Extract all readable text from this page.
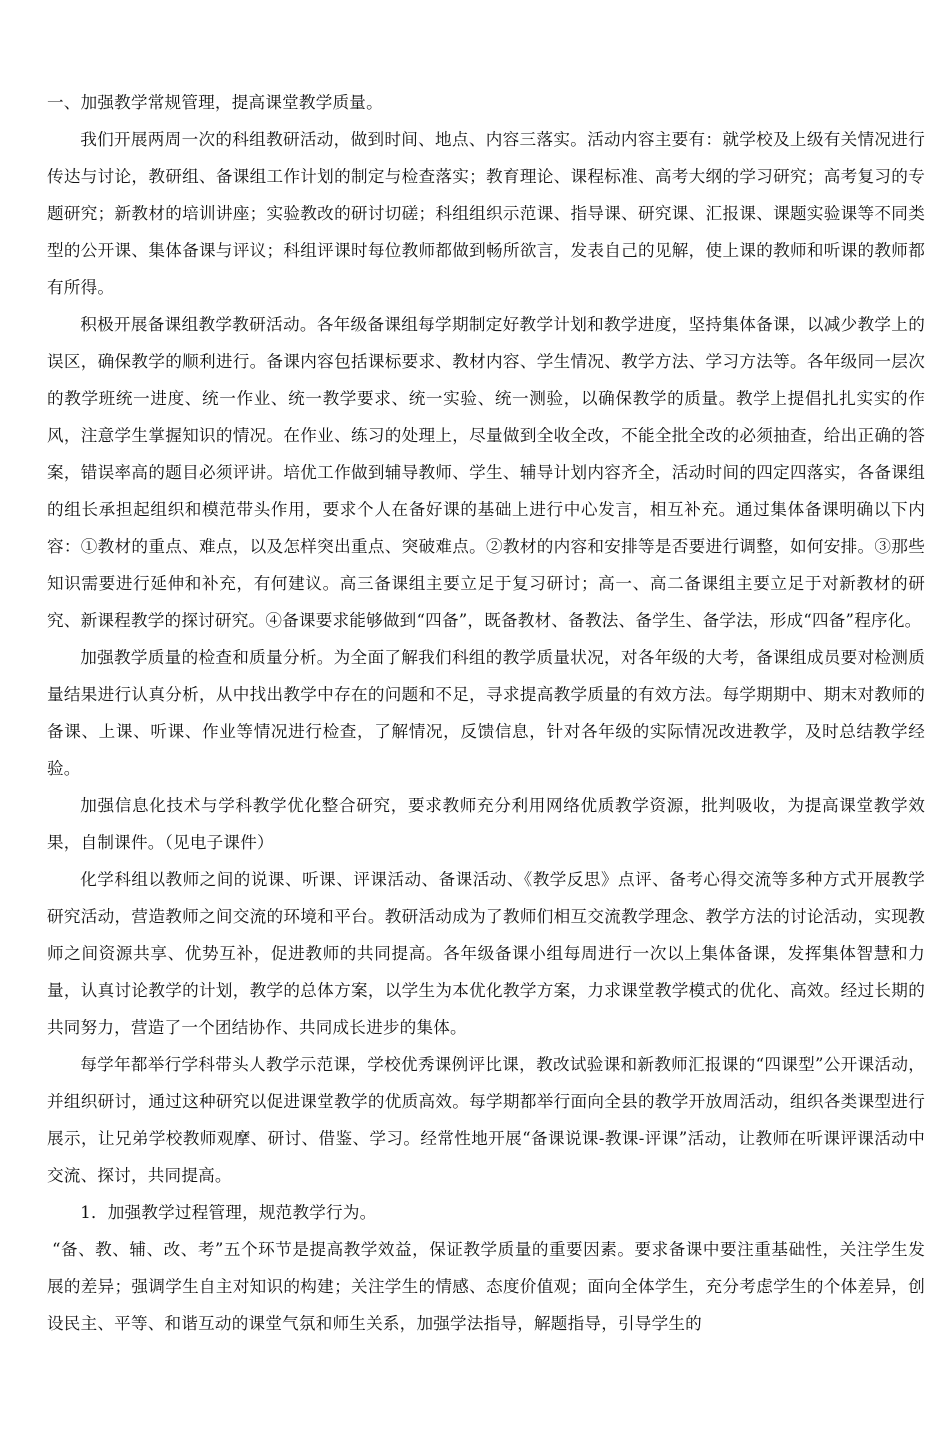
一、加强教学常规管理，提高课堂教学质量。

我们开展两周一次的科组教研活动，做到时间、地点、内容三落实。活动内容主要有：就学校及上级有关情况进行传达与讨论，教研组、备课组工作计划的制定与检查落实；教育理论、课程标准、高考大纲的学习研究；高考复习的专题研究；新教材的培训讲座；实验教改的研讨切磋；科组组织示范课、指导课、研究课、汇报课、课题实验课等不同类型的公开课、集体备课与评议；科组评课时每位教师都做到畅所欲言，发表自己的见解，使上课的教师和听课的教师都有所得。

积极开展备课组教学教研活动。各年级备课组每学期制定好教学计划和教学进度，坚持集体备课，以减少教学上的误区，确保教学的顺利进行。备课内容包括课标要求、教材内容、学生情况、教学方法、学习方法等。各年级同一层次的教学班统一进度、统一作业、统一教学要求、统一实验、统一测验，以确保教学的质量。教学上提倡扎扎实实的作风，注意学生掌握知识的情况。在作业、练习的处理上，尽量做到全收全改，不能全批全改的必须抽查，给出正确的答案，错误率高的题目必须评讲。培优工作做到辅导教师、学生、辅导计划内容齐全，活动时间的四定四落实，各备课组的组长承担起组织和模范带头作用，要求个人在备好课的基础上进行中心发言，相互补充。通过集体备课明确以下内容：①教材的重点、难点，以及怎样突出重点、突破难点。②教材的内容和安排等是否要进行调整，如何安排。③那些知识需要进行延伸和补充，有何建议。高三备课组主要立足于复习研讨；高一、高二备课组主要立足于对新教材的研究、新课程教学的探讨研究。④备课要求能够做到“四备”，既备教材、备教法、备学生、备学法，形成“四备”程序化。

加强教学质量的检查和质量分析。为全面了解我们科组的教学质量状况，对各年级的大考，备课组成员要对检测质量结果进行认真分析，从中找出教学中存在的问题和不足，寻求提高教学质量的有效方法。每学期期中、期末对教师的备课、上课、听课、作业等情况进行检查，了解情况，反馈信息，针对各年级的实际情况改进教学，及时总结教学经验。

加强信息化技术与学科教学优化整合研究，要求教师充分利用网络优质教学资源，批判吸收，为提高课堂教学效果，自制课件。（见电子课件）

化学科组以教师之间的说课、听课、评课活动、备课活动、《教学反思》点评、备考心得交流等多种方式开展教学研究活动，营造教师之间交流的环境和平台。教研活动成为了教师们相互交流教学理念、教学方法的讨论活动，实现教师之间资源共享、优势互补，促进教师的共同提高。各年级备课小组每周进行一次以上集体备课，发挥集体智慧和力量，认真讨论教学的计划，教学的总体方案，以学生为本优化教学方案，力求课堂教学模式的优化、高效。经过长期的共同努力，营造了一个团结协作、共同成长进步的集体。

每学年都举行学科带头人教学示范课，学校优秀课例评比课，教改试验课和新教师汇报课的“四课型”公开课活动，并组织研讨，通过这种研究以促进课堂教学的优质高效。每学期都举行面向全县的教学开放周活动，组织各类课型进行展示，让兄弟学校教师观摩、研讨、借鉴、学习。经常性地开展“备课说课-教课-评课”活动，让教师在听课评课活动中交流、探讨，共同提高。

1．加强教学过程管理，规范教学行为。

“备、教、辅、改、考”五个环节是提高教学效益，保证教学质量的重要因素。要求备课中要注重基础性，关注学生发展的差异；强调学生自主对知识的构建；关注学生的情感、态度价值观；面向全体学生，充分考虑学生的个体差异，创设民主、平等、和谐互动的课堂气氛和师生关系，加强学法指导，解题指导，引导学生的
